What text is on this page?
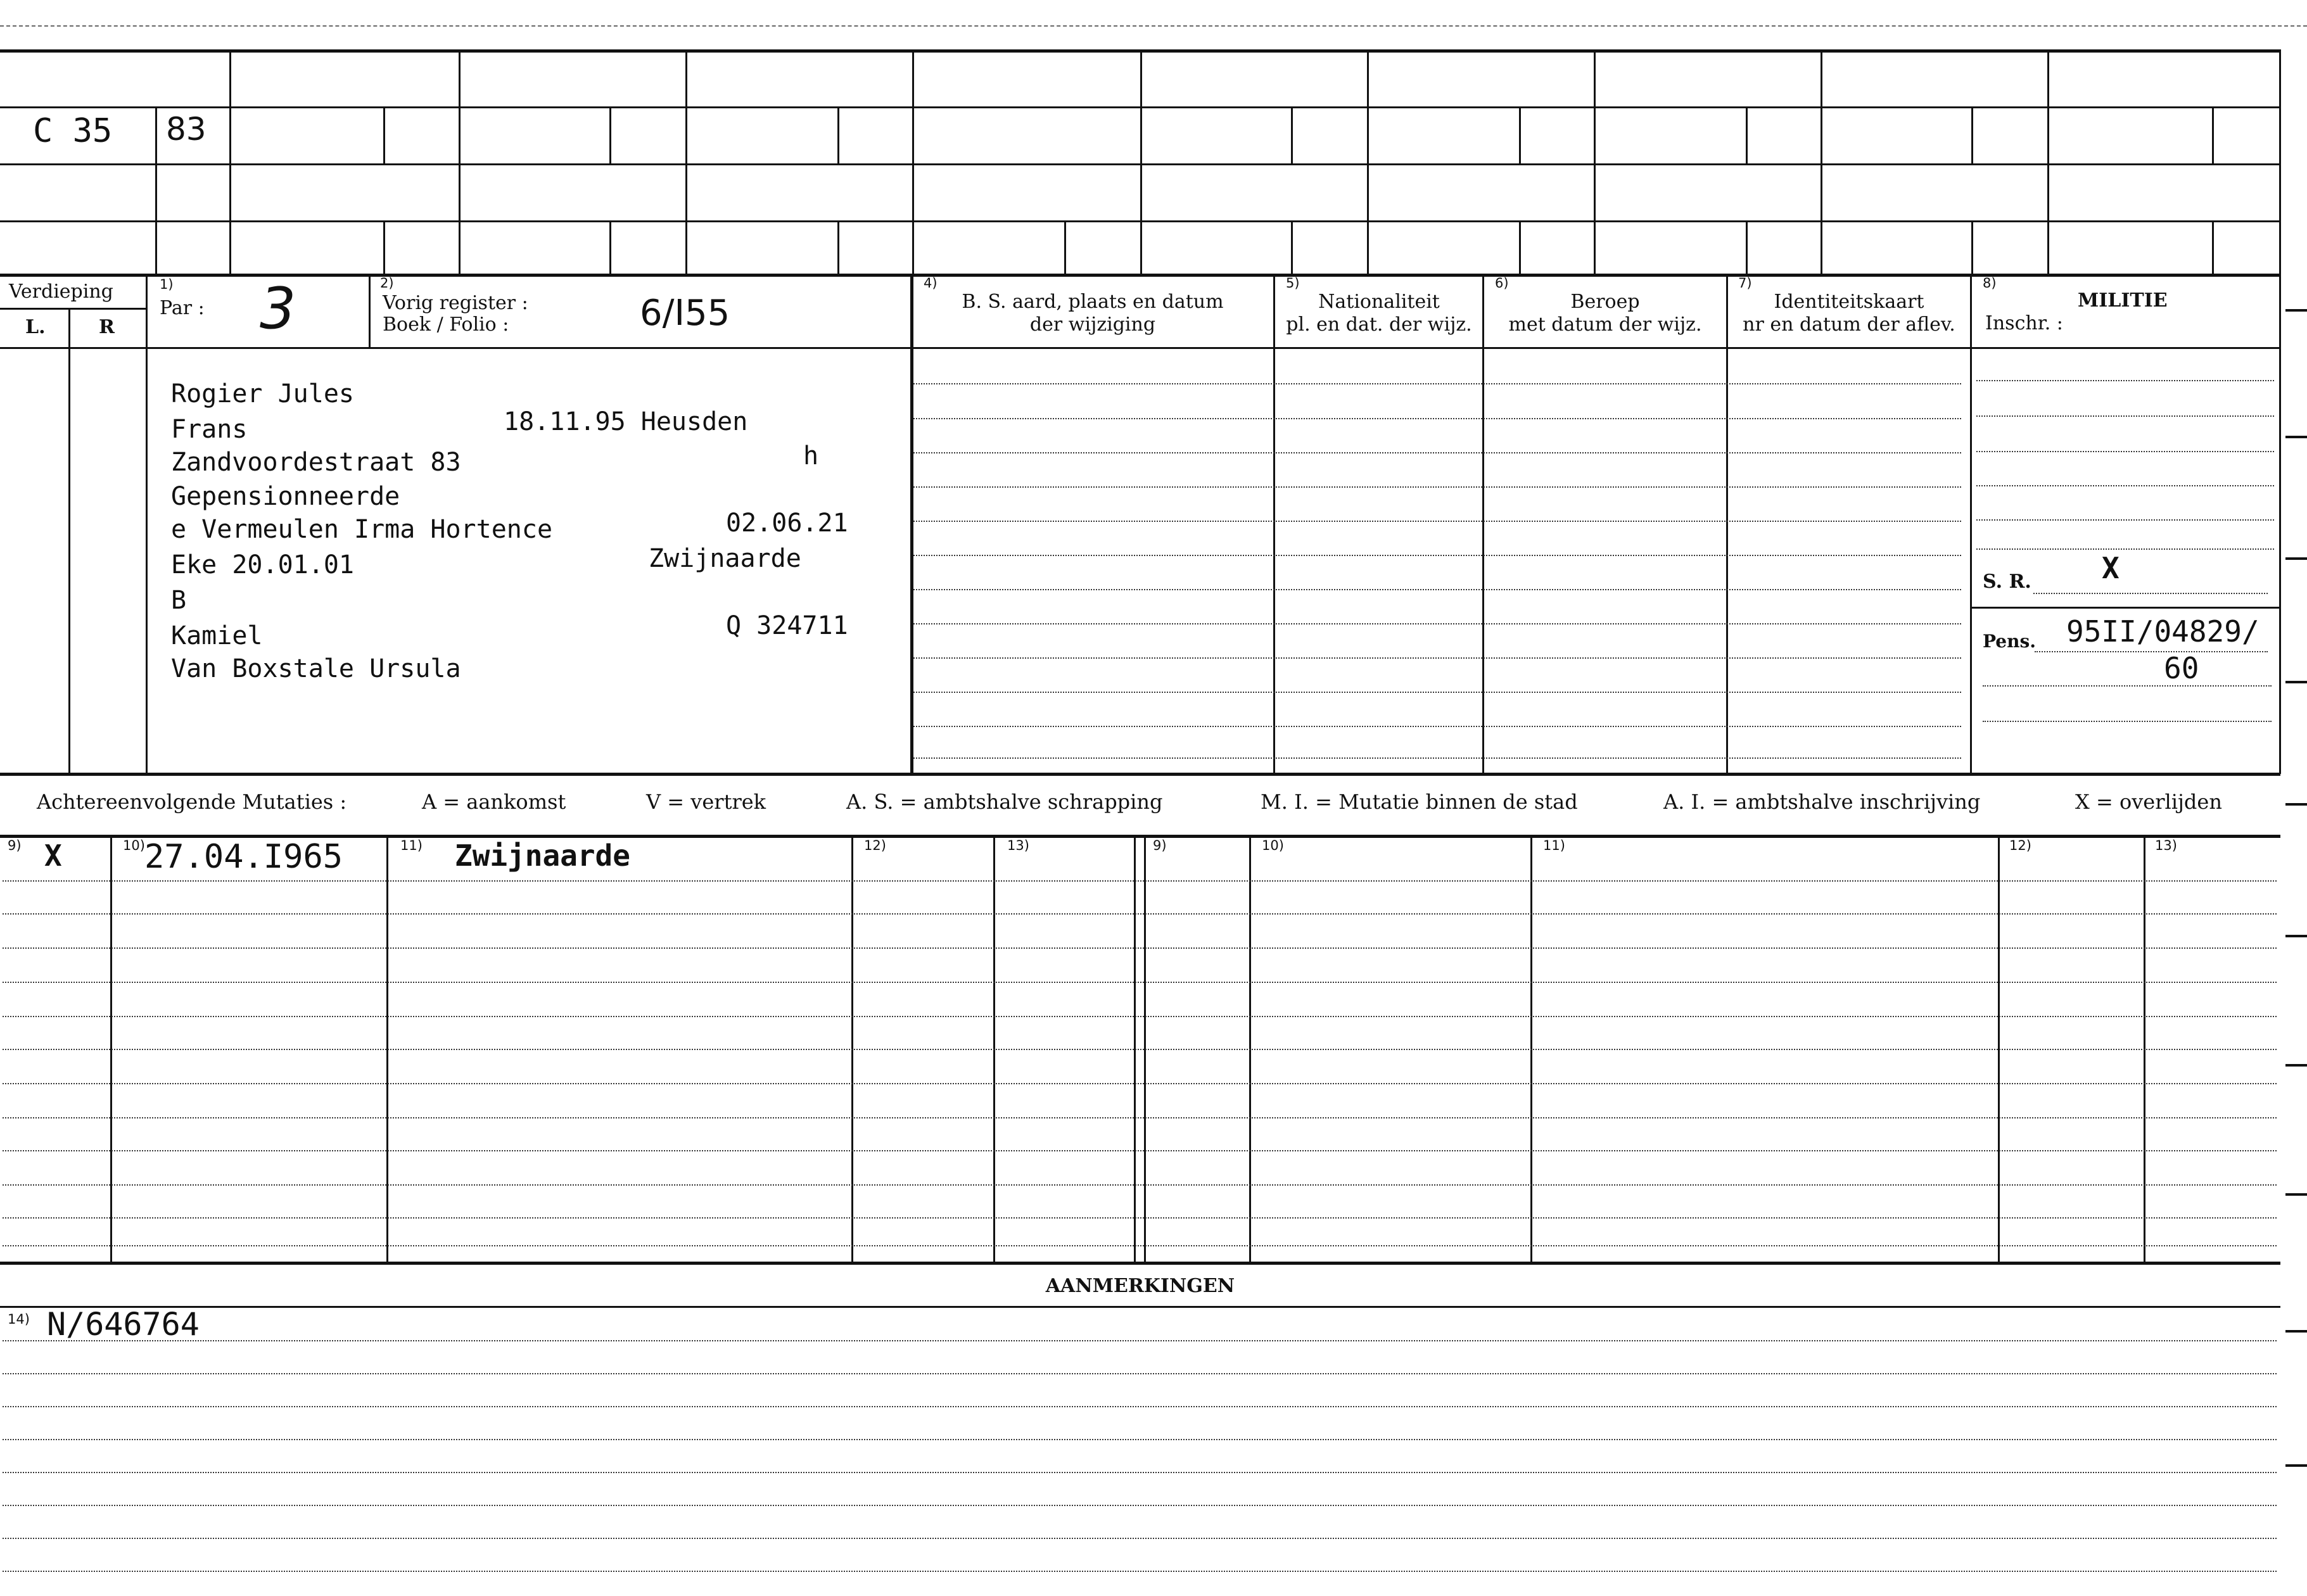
C 35 83
Verdieping
L.	R
1)
Par : 3	2)
Vorig register :
Boek / Folio :	6/I55
4)
B. S. aard, plaats en datum
der wijziging
5)
Nationaliteit
pl. en dat. der wijz.
6)
Beroep
met datum der wijz.
7)
Identiteitskaart
nr en datum der aflev.
8)
MILITIE
Inschr. :
Rogier Jules
Frans	18.11.95 Heusden
Zandvoordestraat 83	h
Gepensionneerde
e Vermeulen Irma Hortence	02.06.21
Eke 20.01.01	Zwijnaarde
B
Q 324711
Kamiel
Van Boxstale Ursula
S. R. X
Pens. 95II/04829/
60
Achtereenvolgende Mutaties :	A = aankomst	V = vertrek	A. S. = ambtshalve schrapping	M. I. = Mutatie binnen de stad	A. I. = ambtshalve inschrijving	X = overlijden
9)	10)	11)	12)	13)	9)	10)	11)	12)	13)
X	27.04.I965	Zwijnaarde
AANMERKINGEN
14) N/646764
